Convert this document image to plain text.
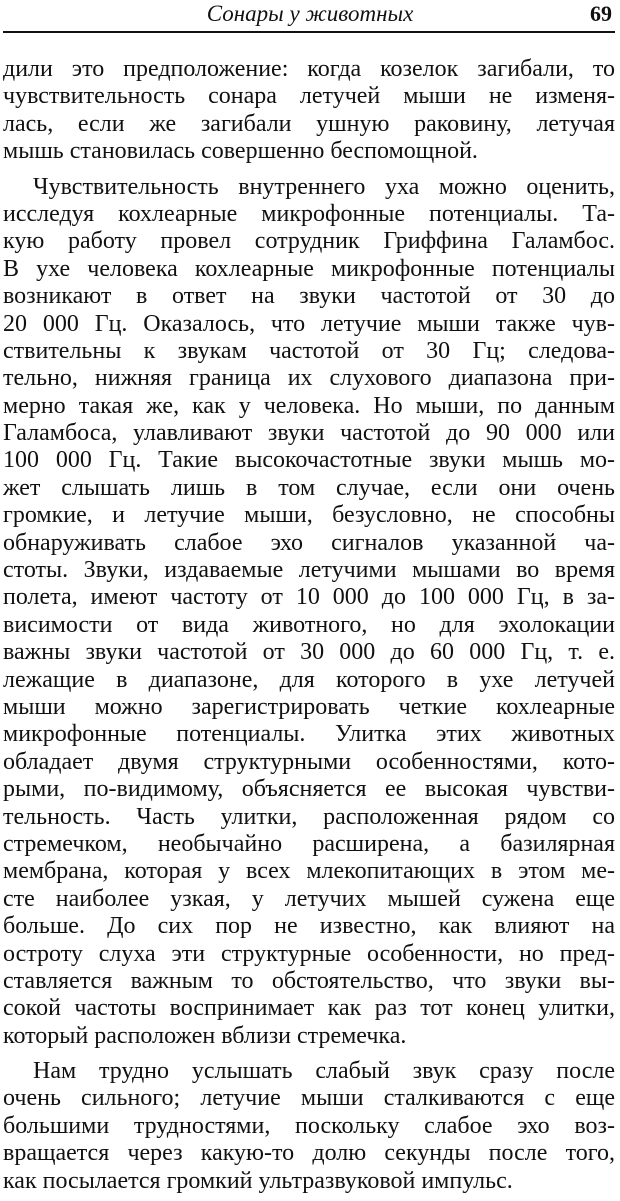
Сонары у животных	69
дили это предположение: когда козелок загибали, то
чувствительность сонара летучей мыши не изменя-
лась, если же загибали ушную раковину, летучая
мышь становилась совершенно беспомощной.
Чувствительность внутреннего уха можно оценить,
исследуя кохлеарные микрофонные потенциалы. Та-
кую работу провел сотрудник Гриффина Галамбос.
В ухе человека кохлеарные микрофонные потенциалы
возникают в ответ на звуки частотой от 30 до
20 000 Гц. Оказалось, что летучие мыши также чув-
ствительны к звукам частотой от 30 Гц; следова-
тельно, нижняя граница их слухового диапазона при-
мерно такая же, как у человека. Но мыши, по данным
Галамбоса, улавливают звуки частотой до 90 000 или
100 000 Гц. Такие высокочастотные звуки мышь мо-
жет слышать лишь в том случае, если они очень
громкие, и летучие мыши, безусловно, не способны
обнаруживать слабое эхо сигналов указанной ча-
стоты. Звуки, издаваемые летучими мышами во время
полета, имеют частоту от 10 000 до 100 000 Гц, в за-
висимости от вида животного, но для эхолокации
важны звуки частотой от 30 000 до 60 000 Гц, т. е.
лежащие в диапазоне, для которого в ухе летучей
мыши можно зарегистрировать четкие кохлеарные
микрофонные потенциалы. Улитка этих животных
обладает двумя структурными особенностями, кото-
рыми, по-видимому, объясняется ее высокая чувстви-
тельность. Часть улитки, расположенная рядом со
стремечком, необычайно расширена, а базилярная
мембрана, которая у всех млекопитающих в этом ме-
сте наиболее узкая, у летучих мышей сужена еще
больше. До сих пор не известно, как влияют на
остроту слуха эти структурные особенности, но пред-
ставляется важным то обстоятельство, что звуки вы-
сокой частоты воспринимает как раз тот конец улитки,
который расположен вблизи стремечка.
Нам трудно услышать слабый звук сразу после
очень сильного; летучие мыши сталкиваются с еще
большими трудностями, поскольку слабое эхо воз-
вращается через какую-то долю секунды после того,
как посылается громкий ультразвуковой импульс.
